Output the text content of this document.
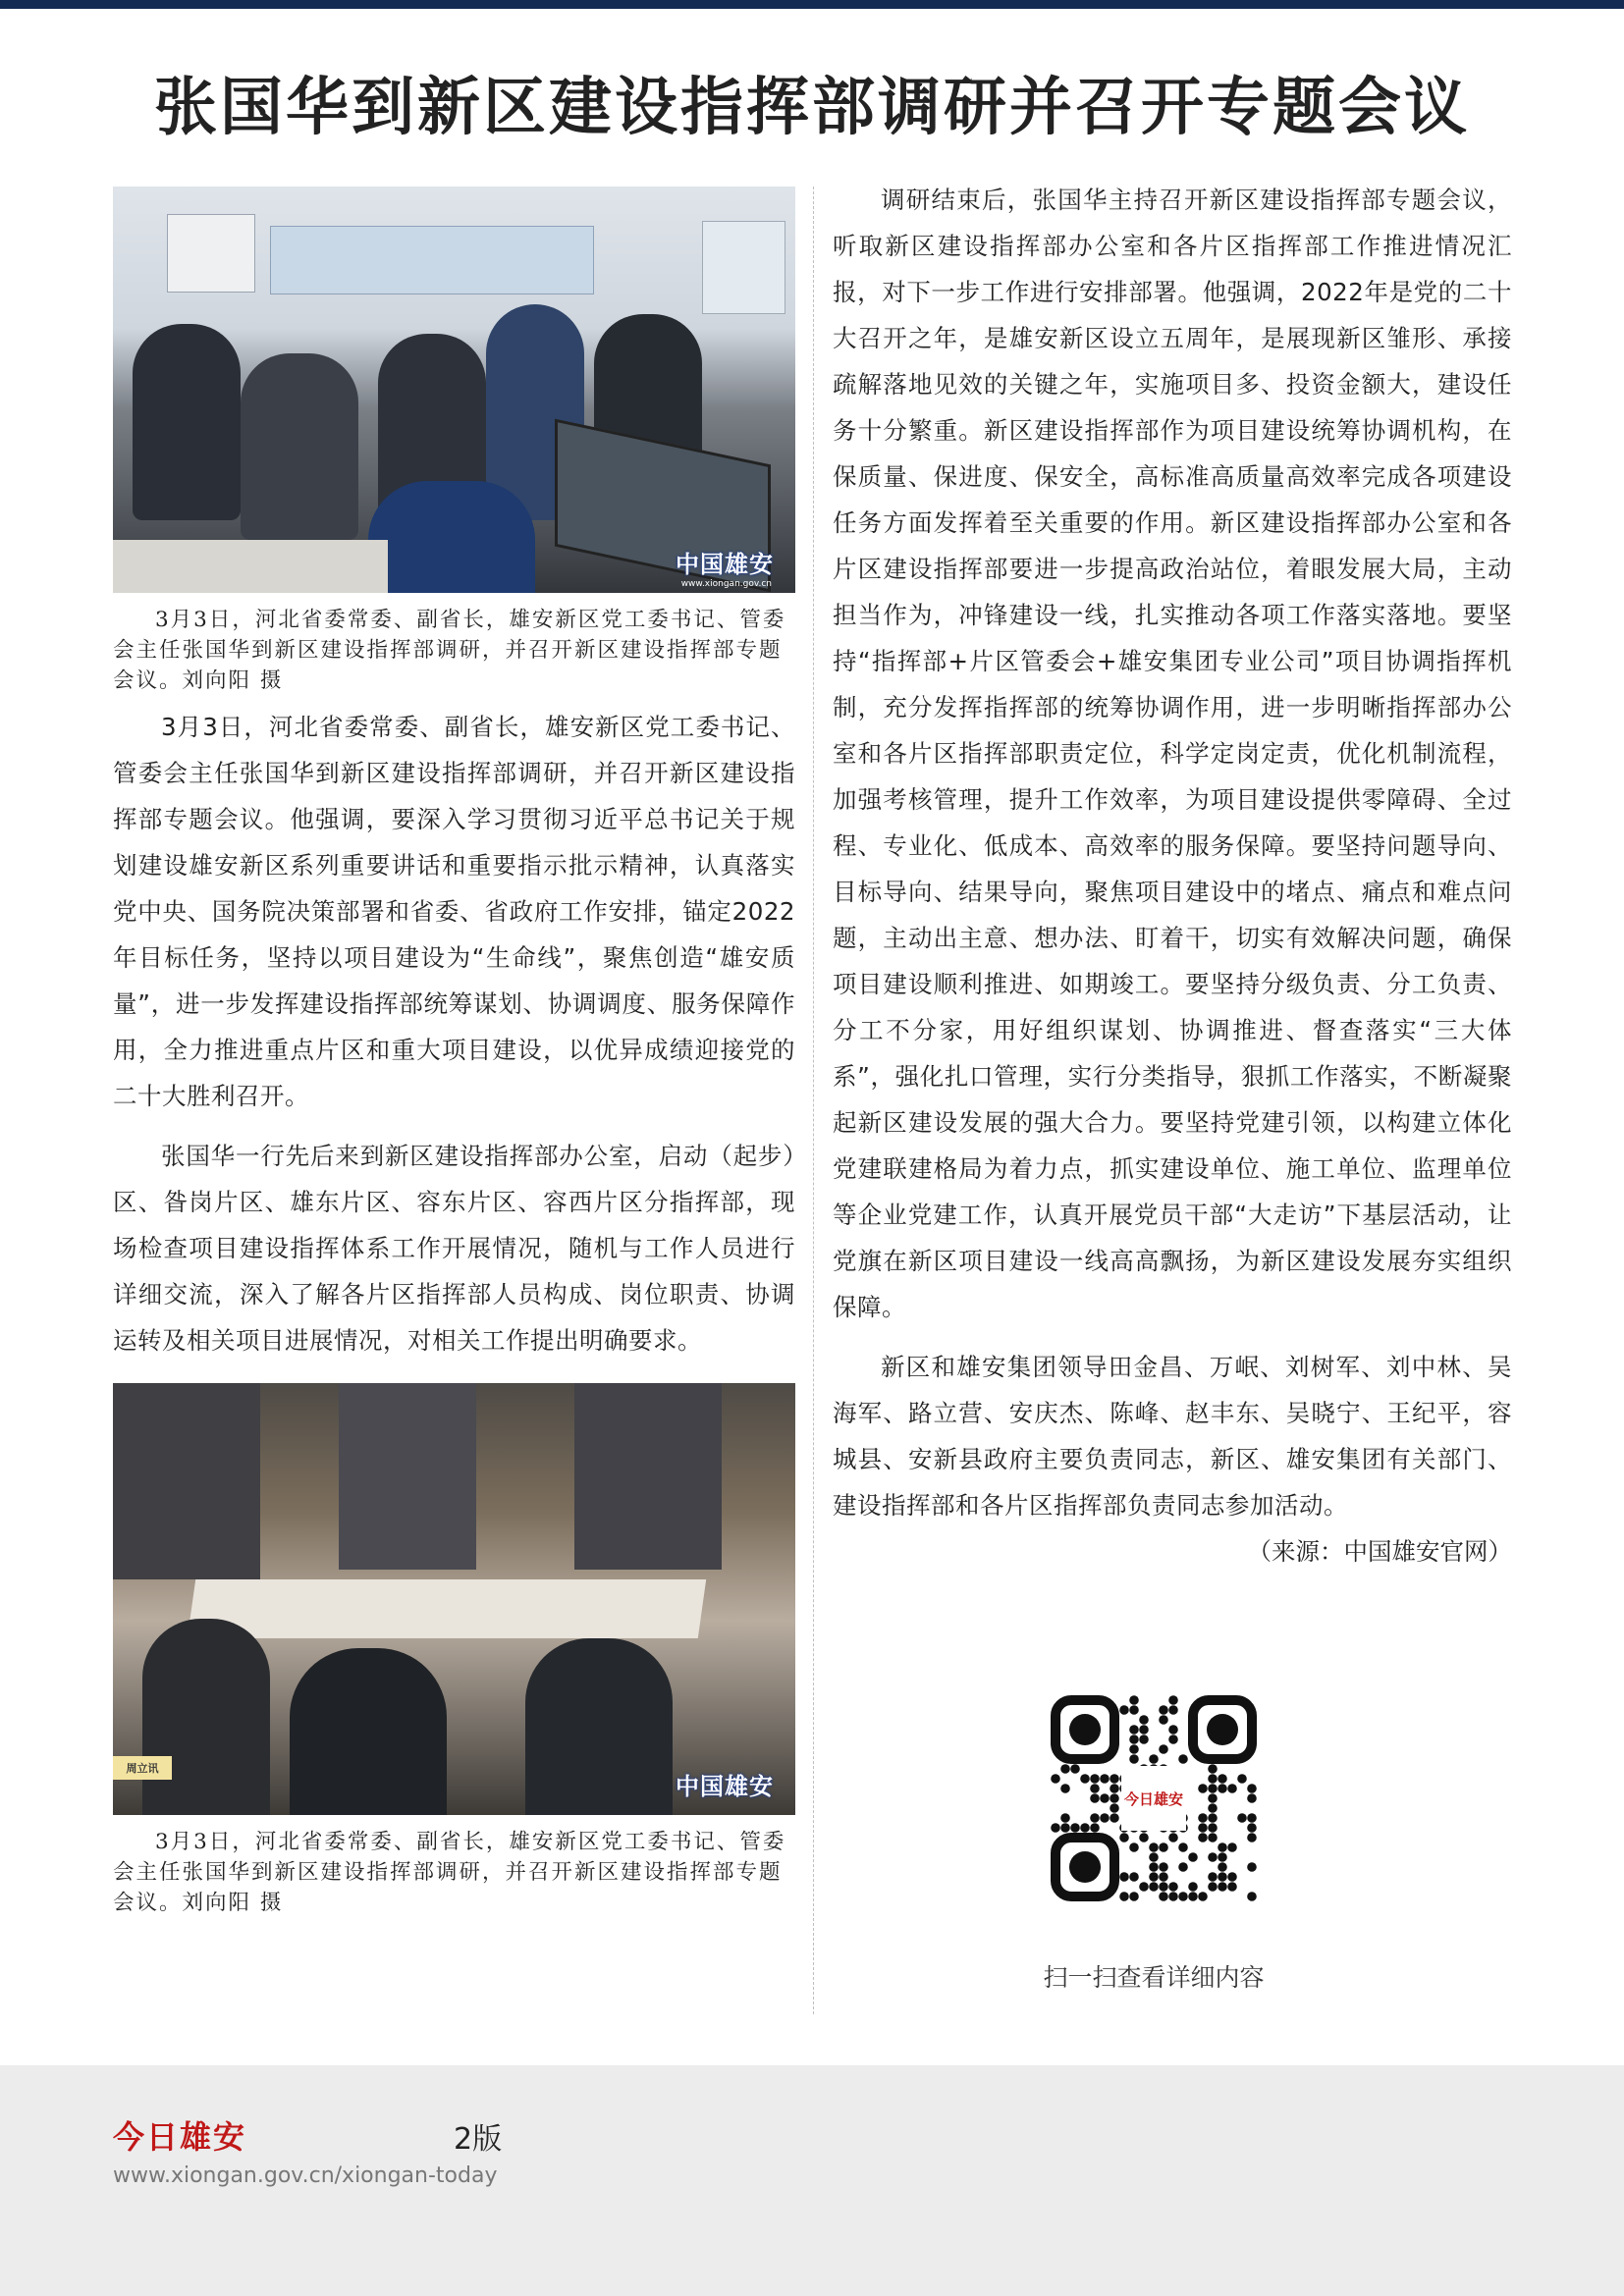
张国华到新区建设指挥部调研并召开专题会议
中国雄安
www.xiongan.gov.cn

3月3日，河北省委常委、副省长，雄安新区党工委书记、管委会主任张国华到新区建设指挥部调研，并召开新区建设指挥部专题会议。刘向阳 摄

3月3日，河北省委常委、副省长，雄安新区党工委书记、管委会主任张国华到新区建设指挥部调研，并召开新区建设指挥部专题会议。他强调，要深入学习贯彻习近平总书记关于规划建设雄安新区系列重要讲话和重要指示批示精神，认真落实党中央、国务院决策部署和省委、省政府工作安排，锚定2022年目标任务，坚持以项目建设为“生命线”，聚焦创造“雄安质量”，进一步发挥建设指挥部统筹谋划、协调调度、服务保障作用，全力推进重点片区和重大项目建设，以优异成绩迎接党的二十大胜利召开。

张国华一行先后来到新区建设指挥部办公室，启动（起步）区、昝岗片区、雄东片区、容东片区、容西片区分指挥部，现场检查项目建设指挥体系工作开展情况，随机与工作人员进行详细交流，深入了解各片区指挥部人员构成、岗位职责、协调运转及相关项目进展情况，对相关工作提出明确要求。

周立讯
中国雄安

3月3日，河北省委常委、副省长，雄安新区党工委书记、管委会主任张国华到新区建设指挥部调研，并召开新区建设指挥部专题会议。刘向阳 摄

调研结束后，张国华主持召开新区建设指挥部专题会议，听取新区建设指挥部办公室和各片区指挥部工作推进情况汇报，对下一步工作进行安排部署。他强调，2022年是党的二十大召开之年，是雄安新区设立五周年，是展现新区雏形、承接疏解落地见效的关键之年，实施项目多、投资金额大，建设任务十分繁重。新区建设指挥部作为项目建设统筹协调机构，在保质量、保进度、保安全，高标准高质量高效率完成各项建设任务方面发挥着至关重要的作用。新区建设指挥部办公室和各片区建设指挥部要进一步提高政治站位，着眼发展大局，主动担当作为，冲锋建设一线，扎实推动各项工作落实落地。要坚持“指挥部+片区管委会+雄安集团专业公司”项目协调指挥机制，充分发挥指挥部的统筹协调作用，进一步明晰指挥部办公室和各片区指挥部职责定位，科学定岗定责，优化机制流程，加强考核管理，提升工作效率，为项目建设提供零障碍、全过程、专业化、低成本、高效率的服务保障。要坚持问题导向、目标导向、结果导向，聚焦项目建设中的堵点、痛点和难点问题，主动出主意、想办法、盯着干，切实有效解决问题，确保项目建设顺利推进、如期竣工。要坚持分级负责、分工负责、分工不分家，用好组织谋划、协调推进、督查落实“三大体系”，强化扎口管理，实行分类指导，狠抓工作落实，不断凝聚起新区建设发展的强大合力。要坚持党建引领，以构建立体化党建联建格局为着力点，抓实建设单位、施工单位、监理单位等企业党建工作，认真开展党员干部“大走访”下基层活动，让党旗在新区项目建设一线高高飘扬，为新区建设发展夯实组织保障。

新区和雄安集团领导田金昌、万岷、刘树军、刘中林、吴海军、路立营、安庆杰、陈峰、赵丰东、吴晓宁、王纪平，容城县、安新县政府主要负责同志，新区、雄安集团有关部门、建设指挥部和各片区指挥部负责同志参加活动。

（来源：中国雄安官网）

今日雄安
扫一扫查看详细内容
今日雄安	2版
www.xiongan.gov.cn/xiongan-today
